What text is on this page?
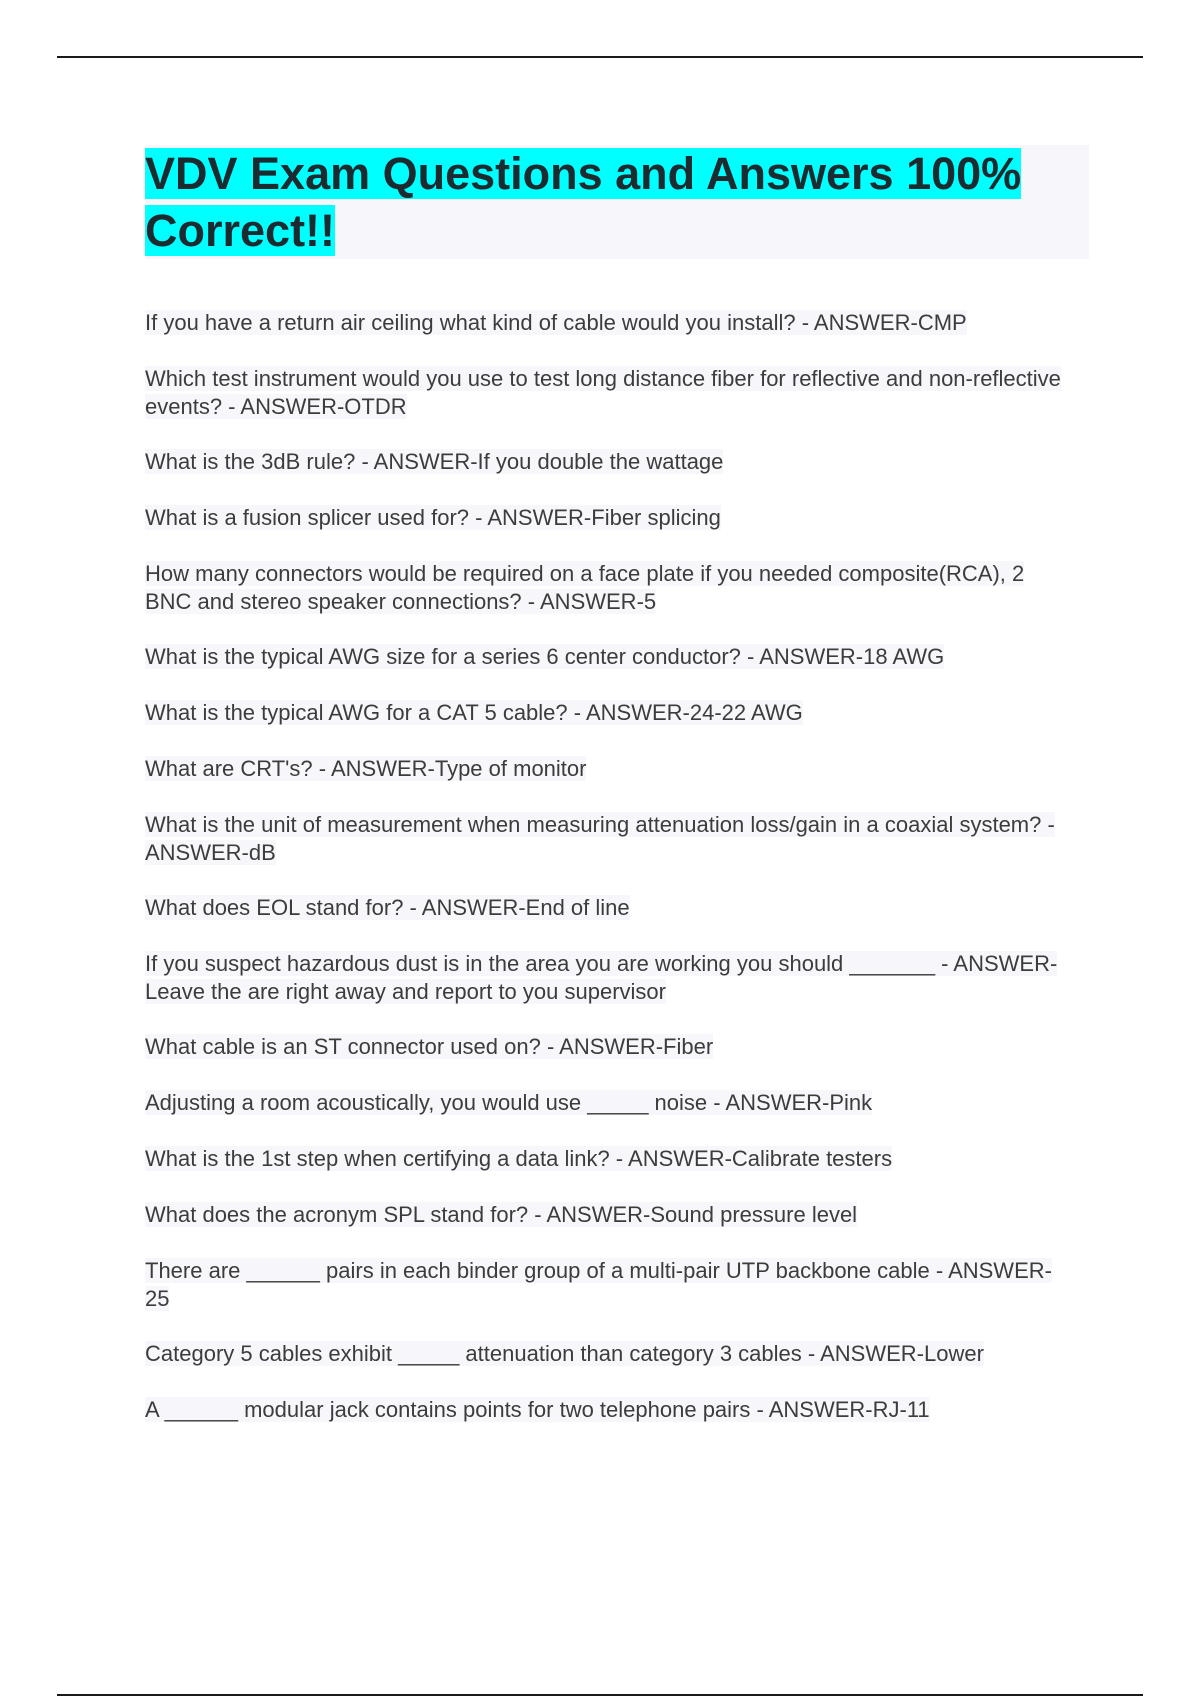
VDV Exam Questions and Answers 100% Correct!!
If you have a return air ceiling what kind of cable would you install? - ANSWER-CMP
Which test instrument would you use to test long distance fiber for reflective and non-reflective events? - ANSWER-OTDR
What is the 3dB rule? - ANSWER-If you double the wattage
What is a fusion splicer used for? - ANSWER-Fiber splicing
How many connectors would be required on a face plate if you needed composite(RCA), 2 BNC and stereo speaker connections? - ANSWER-5
What is the typical AWG size for a series 6 center conductor? - ANSWER-18 AWG
What is the typical AWG for a CAT 5 cable? - ANSWER-24-22 AWG
What are CRT's? - ANSWER-Type of monitor
What is the unit of measurement when measuring attenuation loss/gain in a coaxial system? - ANSWER-dB
What does EOL stand for? - ANSWER-End of line
If you suspect hazardous dust is in the area you are working you should _______ - ANSWER-Leave the are right away and report to you supervisor
What cable is an ST connector used on? - ANSWER-Fiber
Adjusting a room acoustically, you would use _____ noise - ANSWER-Pink
What is the 1st step when certifying a data link? - ANSWER-Calibrate testers
What does the acronym SPL stand for? - ANSWER-Sound pressure level
There are ______ pairs in each binder group of a multi-pair UTP backbone cable - ANSWER-25
Category 5 cables exhibit _____ attenuation than category 3 cables - ANSWER-Lower
A ______ modular jack contains points for two telephone pairs - ANSWER-RJ-11
